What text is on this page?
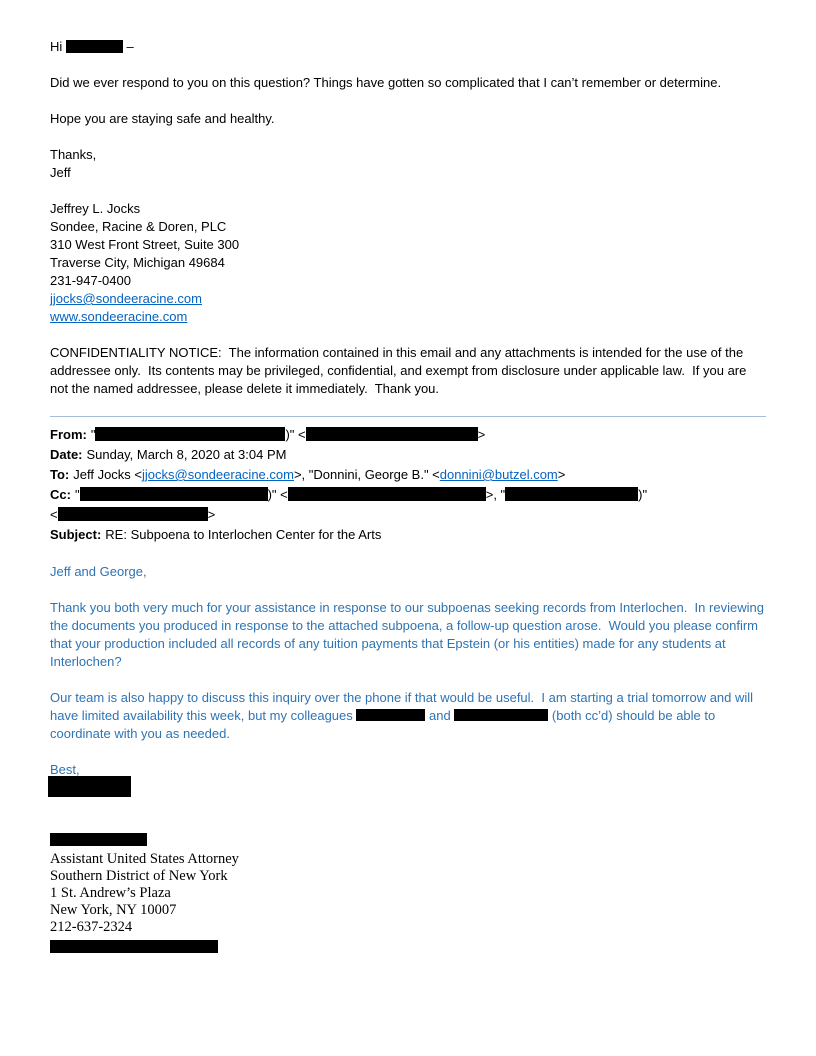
Hi	–
Did we ever respond to you on this question? Things have gotten so complicated that I can’t remember or determine.
Hope you are staying safe and healthy.
Thanks,
Jeff
Jeffrey L. Jocks
Sondee, Racine & Doren, PLC
310 West Front Street, Suite 300
Traverse City, Michigan 49684
231-947-0400
jjocks@sondeeracine.com
www.sondeeracine.com
CONFIDENTIALITY NOTICE:  The information contained in this email and any attachments is intended for the use of the addressee only.  Its contents may be privileged, confidential, and exempt from disclosure under applicable law.  If you are not the named addressee, please delete it immediately.  Thank you.
From: "	)" <	>
Date: Sunday, March 8, 2020 at 3:04 PM
To: Jeff Jocks <jjocks@sondeeracine.com>, "Donnini, George B." <donnini@butzel.com>
Cc: "	)" <	>, "	)"
<	>
Subject: RE: Subpoena to Interlochen Center for the Arts
Jeff and George,
Thank you both very much for your assistance in response to our subpoenas seeking records from Interlochen.  In reviewing the documents you produced in response to the attached subpoena, a follow-up question arose.  Would you please confirm that your production included all records of any tuition payments that Epstein (or his entities) made for any students at Interlochen?
Our team is also happy to discuss this inquiry over the phone if that would be useful.  I am starting a trial tomorrow and will have limited availability this week, but my colleagues	and	(both cc’d) should be able to coordinate with you as needed.
Best,
Assistant United States Attorney
Southern District of New York
1 St. Andrew’s Plaza
New York, NY 10007
212-637-2324
